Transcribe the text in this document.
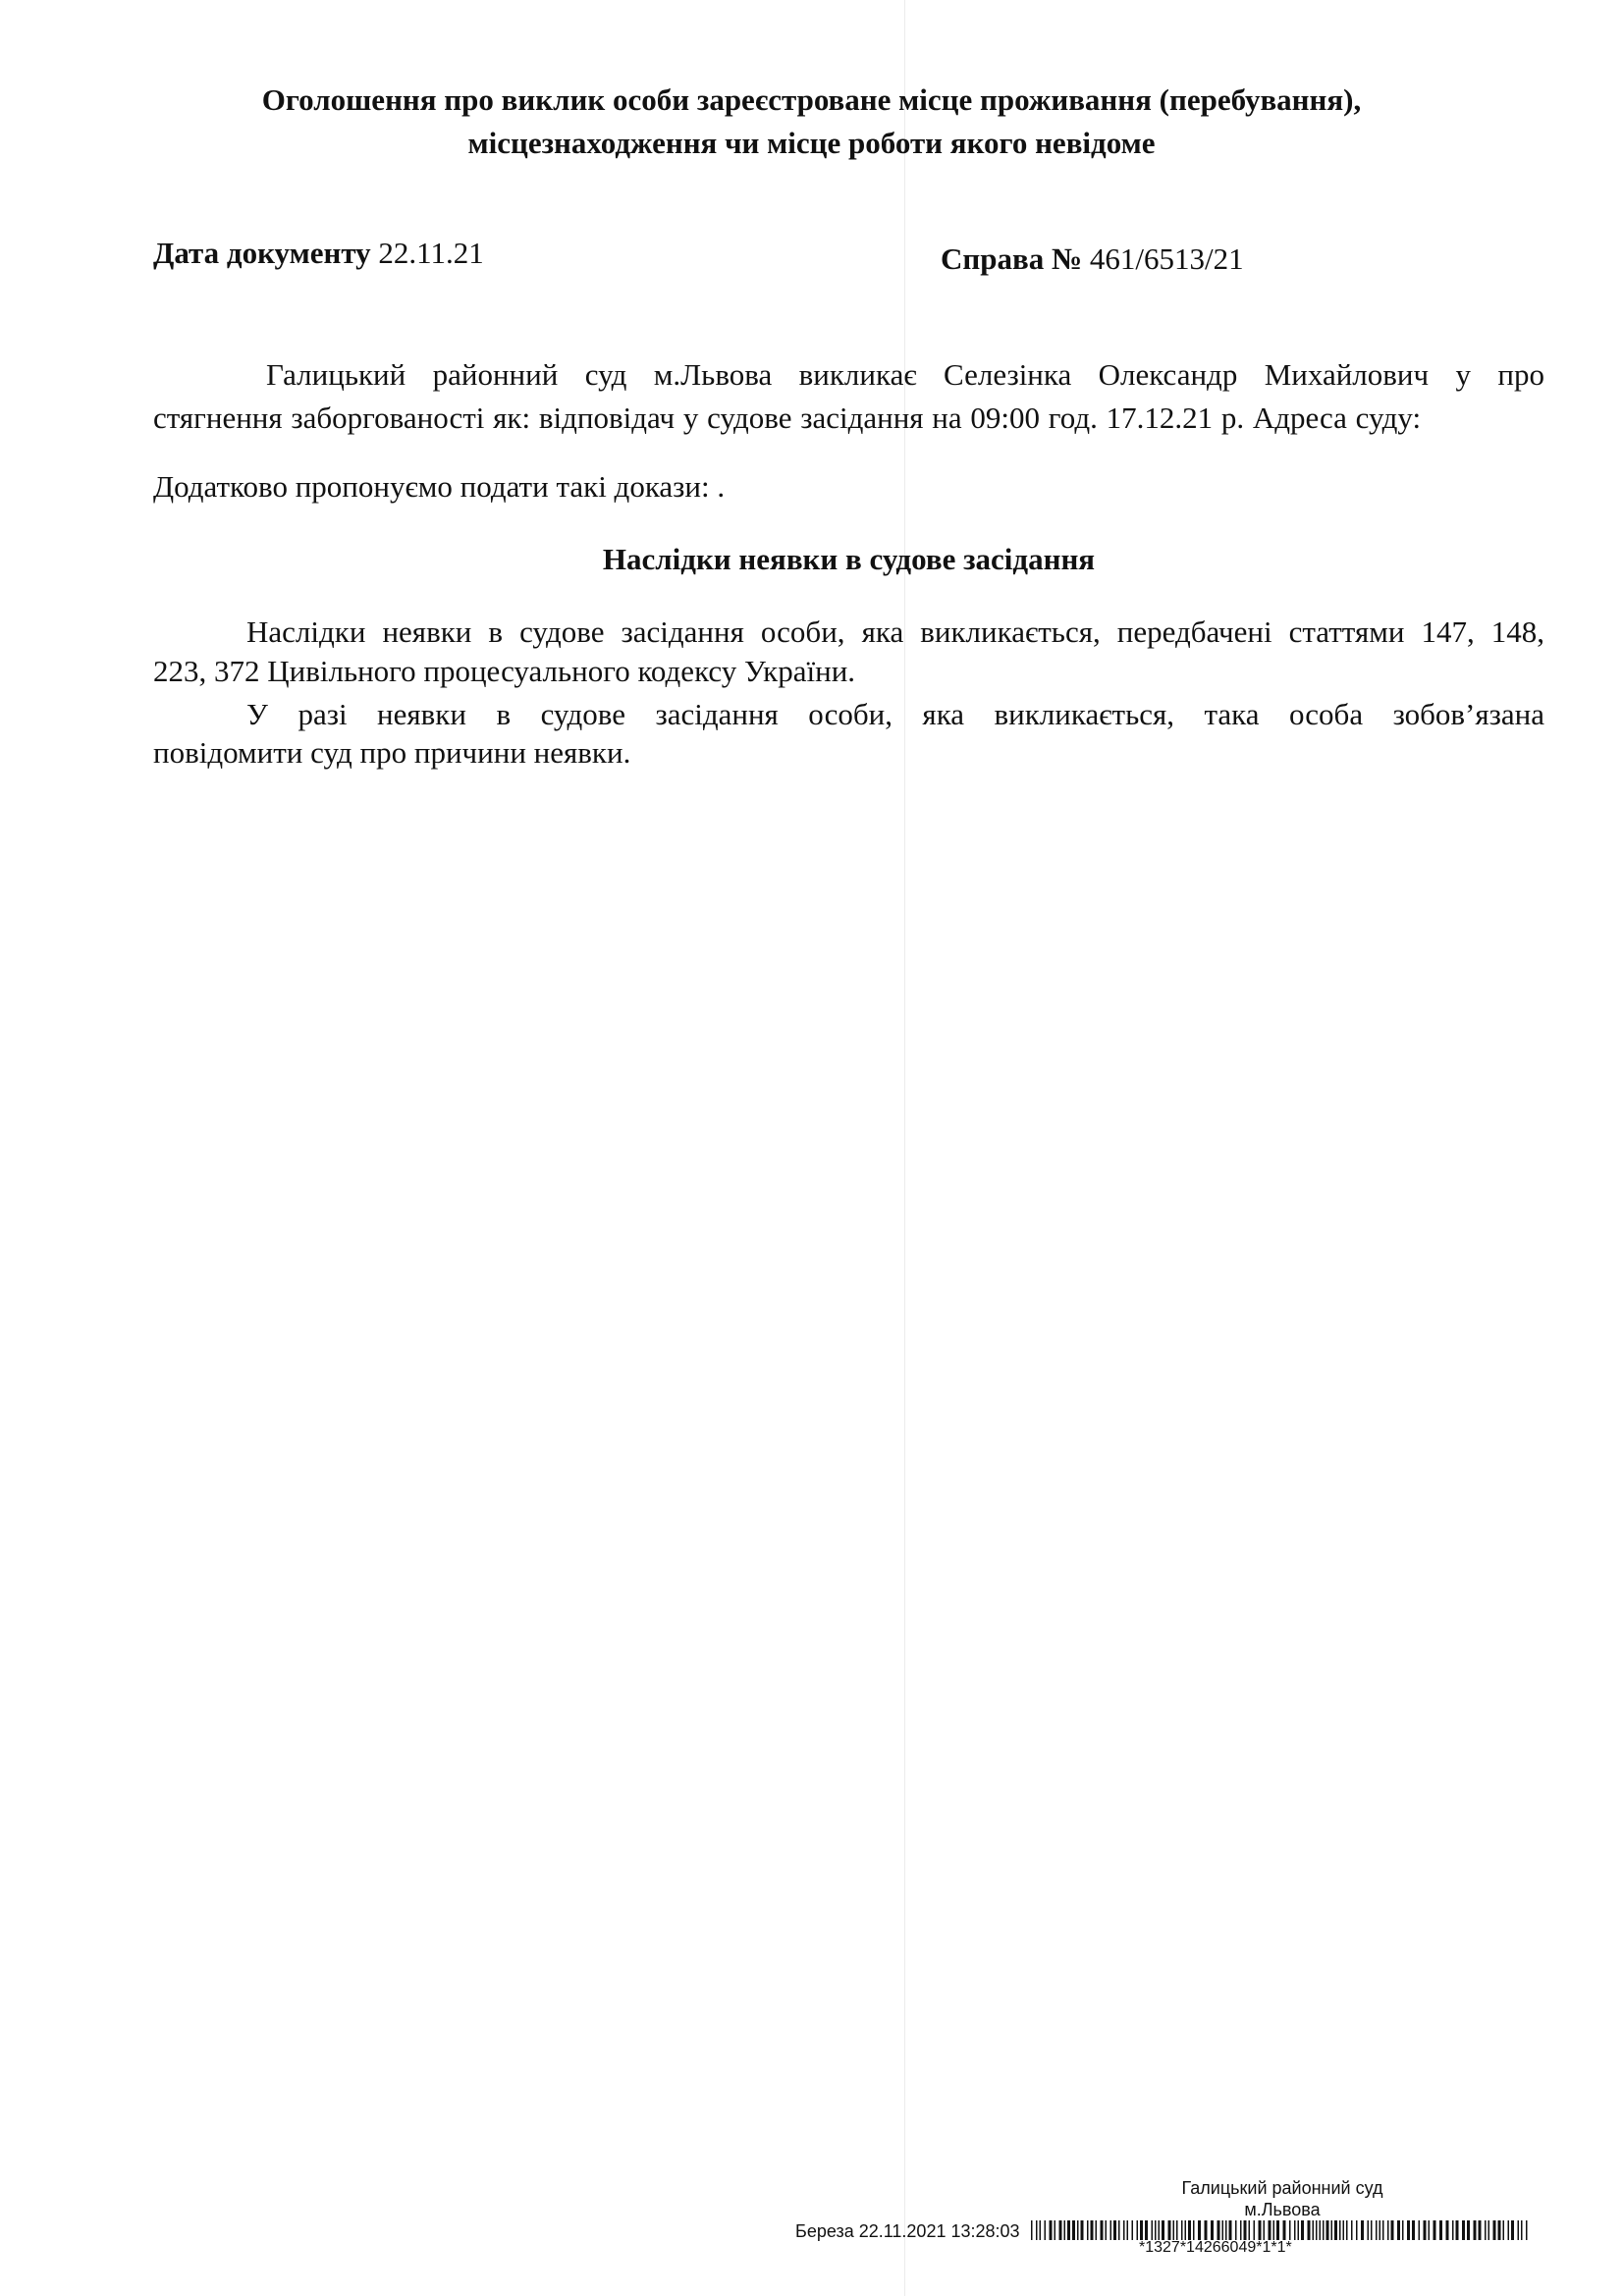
Оголошення про виклик особи зареєстроване місце проживання (перебування),
місцезнаходження чи місце роботи якого невідоме
Дата документу 22.11.21	Справа № 461/6513/21
Галицький районний суд м.Львова викликає Селезінка Олександр Михайлович у про
стягнення заборгованості як: відповідач у судове засідання на 09:00 год. 17.12.21 р. Адреса суду:
Додатково пропонуємо подати такі докази: .
Наслідки неявки в судове засідання
Наслідки неявки в судове засідання особи, яка викликається, передбачені статтями 147, 148,
223, 372 Цивільного процесуального кодексу України.
У разі неявки в судове засідання особи, яка викликається, така особа зобов’язана
повідомити суд про причини неявки.
Галицький районний суд
м.Львова
Береза 22.11.2021 13:28:03
*1327*14266049*1*1*
